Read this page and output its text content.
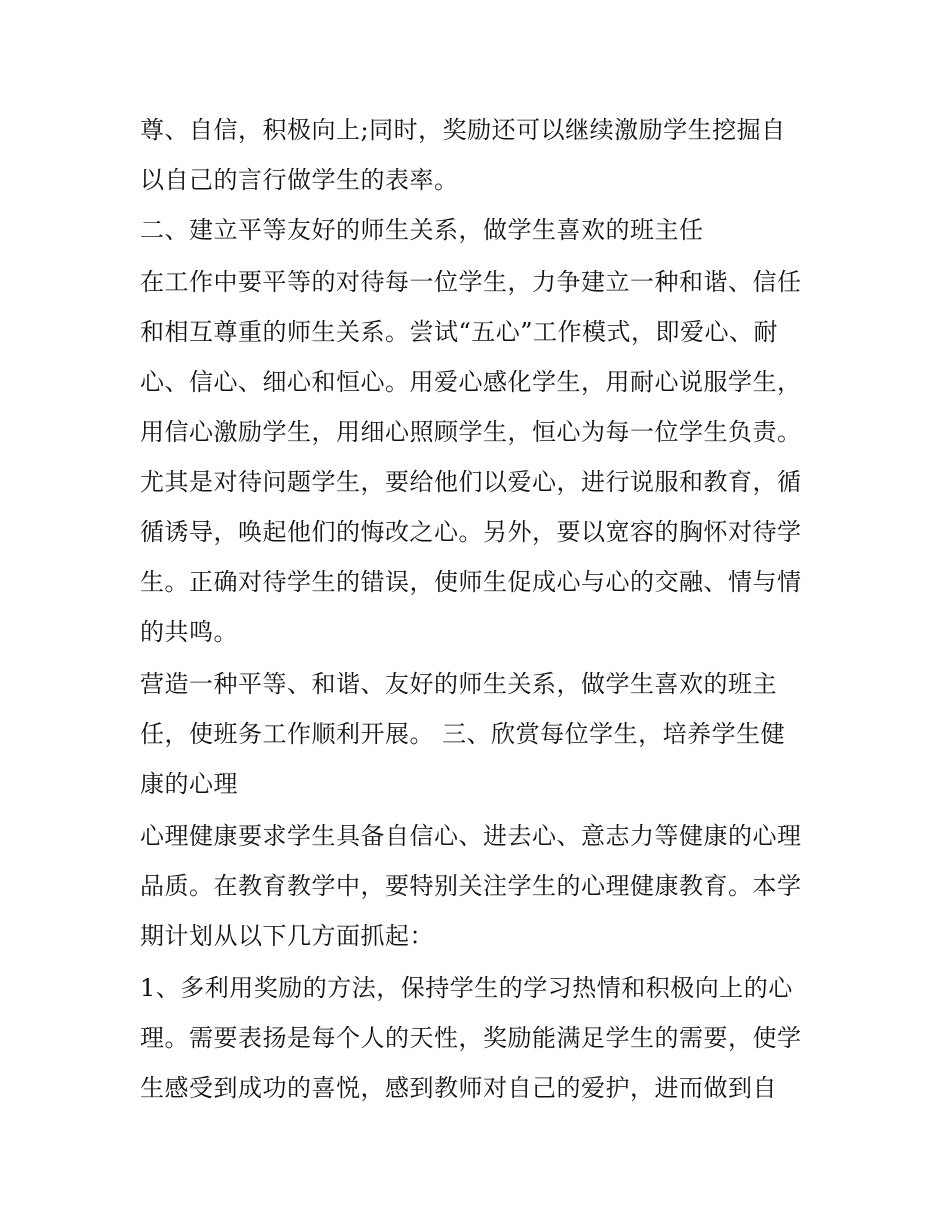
尊、自信，积极向上;同时，奖励还可以继续激励学生挖掘自
以自己的言行做学生的表率。
二、建立平等友好的师生关系，做学生喜欢的班主任
在工作中要平等的对待每一位学生，力争建立一种和谐、信任
和相互尊重的师生关系。尝试“五心”工作模式，即爱心、耐
心、信心、细心和恒心。用爱心感化学生，用耐心说服学生，
用信心激励学生，用细心照顾学生，恒心为每一位学生负责。
尤其是对待问题学生，要给他们以爱心，进行说服和教育，循
循诱导，唤起他们的悔改之心。另外，要以宽容的胸怀对待学
生。正确对待学生的错误，使师生促成心与心的交融、情与情
的共鸣。
营造一种平等、和谐、友好的师生关系，做学生喜欢的班主
任，使班务工作顺利开展。 三、欣赏每位学生，培养学生健
康的心理
心理健康要求学生具备自信心、进去心、意志力等健康的心理
品质。在教育教学中，要特别关注学生的心理健康教育。本学
期计划从以下几方面抓起：
1、多利用奖励的方法，保持学生的学习热情和积极向上的心
理。需要表扬是每个人的天性，奖励能满足学生的需要，使学
生感受到成功的喜悦，感到教师对自己的爱护，进而做到自
